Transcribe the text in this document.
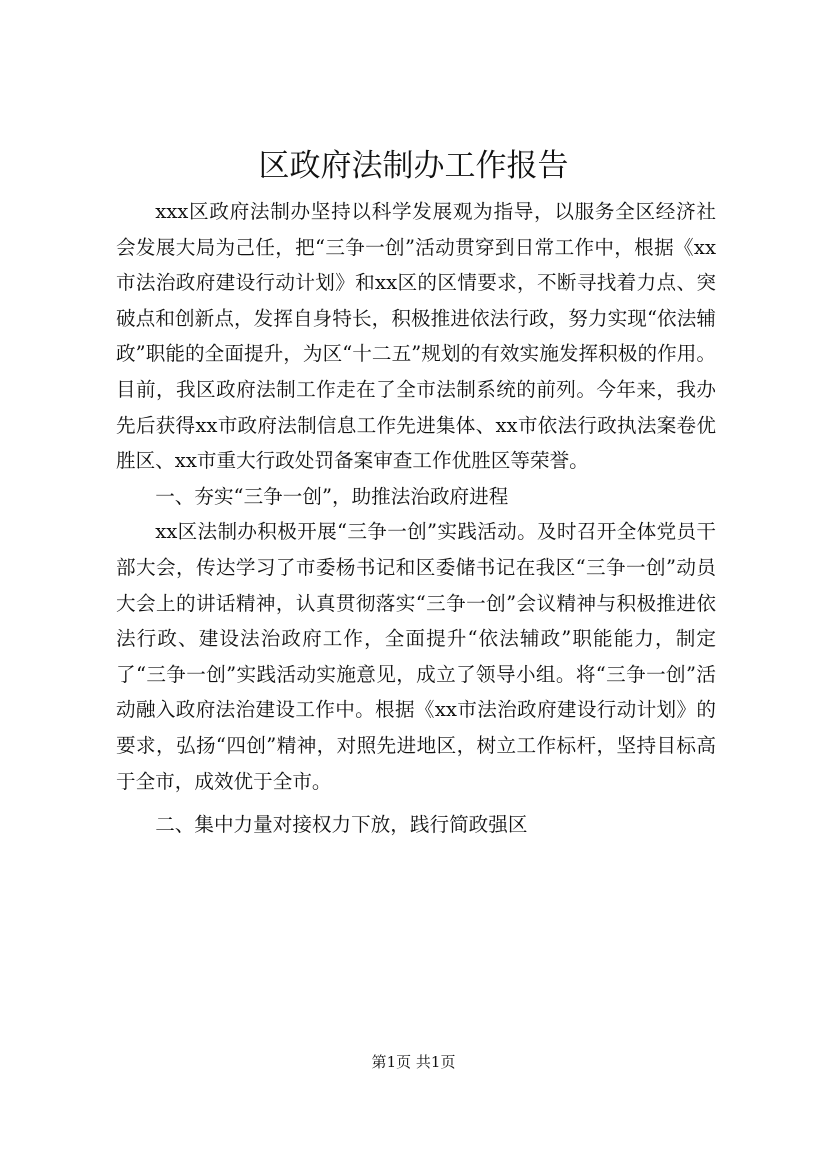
区政府法制办工作报告

xxx区政府法制办坚持以科学发展观为指导，以服务全区经济社会发展大局为己任，把“三争一创”活动贯穿到日常工作中，根据《xx市法治政府建设行动计划》和xx区的区情要求，不断寻找着力点、突破点和创新点，发挥自身特长，积极推进依法行政，努力实现“依法辅政”职能的全面提升，为区“十二五”规划的有效实施发挥积极的作用。目前，我区政府法制工作走在了全市法制系统的前列。今年来，我办先后获得xx市政府法制信息工作先进集体、xx市依法行政执法案卷优胜区、xx市重大行政处罚备案审查工作优胜区等荣誉。

一、夯实“三争一创”，助推法治政府进程

xx区法制办积极开展“三争一创”实践活动。及时召开全体党员干部大会，传达学习了市委杨书记和区委储书记在我区“三争一创”动员大会上的讲话精神，认真贯彻落实“三争一创”会议精神与积极推进依法行政、建设法治政府工作，全面提升“依法辅政”职能能力，制定了“三争一创”实践活动实施意见，成立了领导小组。将“三争一创”活动融入政府法治建设工作中。根据《xx市法治政府建设行动计划》的要求，弘扬“四创”精神，对照先进地区，树立工作标杆，坚持目标高于全市，成效优于全市。

二、集中力量对接权力下放，践行简政强区

第1页 共1页
